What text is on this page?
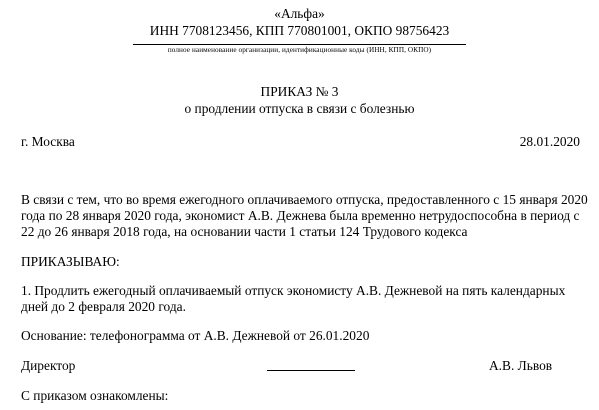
«Альфа»
ИНН 7708123456, КПП 770801001, ОКПО 98756423
полное наименование организации, идентификационные коды (ИНН, КПП, ОКПО)
ПРИКАЗ № 3
о продлении отпуска в связи с болезнью
г. Москва	28.01.2020
В связи с тем, что во время ежегодного оплачиваемого отпуска, предоставленного с 15 января 2020 года по 28 января 2020 года, экономист А.В. Дежнева была временно нетрудоспособна в период с 22 до 26 января 2018 года, на основании части 1 статьи 124 Трудового кодекса
ПРИКАЗЫВАЮ:
1. Продлить ежегодный оплачиваемый отпуск экономисту А.В. Дежневой на пять календарных дней до 2 февраля 2020 года.
Основание: телефонограмма от А.В. Дежневой от 26.01.2020
Директор	А.В. Львов
С приказом ознакомлены:
